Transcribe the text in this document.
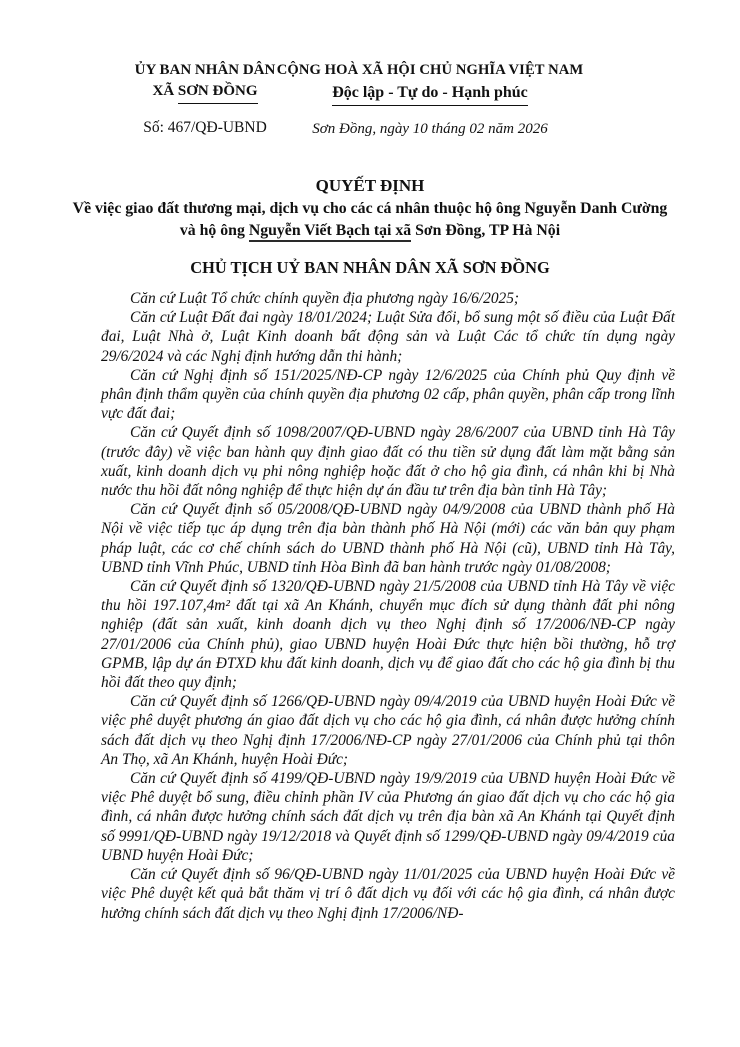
ỦY BAN NHÂN DÂN
XÃ SƠN ĐỒNG
Số: 467/QĐ-UBND
CỘNG HOÀ XÃ HỘI CHỦ NGHĨA VIỆT NAM
Độc lập - Tự do - Hạnh phúc
Sơn Đồng, ngày 10 tháng 02 năm 2026
QUYẾT ĐỊNH
Về việc giao đất thương mại, dịch vụ cho các cá nhân thuộc hộ ông Nguyễn Danh Cường và hộ ông Nguyễn Viết Bạch tại xã Sơn Đồng, TP Hà Nội
CHỦ TỊCH UỶ BAN NHÂN DÂN XÃ SƠN ĐỒNG

Căn cứ Luật Tổ chức chính quyền địa phương ngày 16/6/2025;

Căn cứ Luật Đất đai ngày 18/01/2024; Luật Sửa đổi, bổ sung một số điều của Luật Đất đai, Luật Nhà ở, Luật Kinh doanh bất động sản và Luật Các tổ chức tín dụng ngày 29/6/2024 và các Nghị định hướng dẫn thi hành;

Căn cứ Nghị định số 151/2025/NĐ-CP ngày 12/6/2025 của Chính phủ Quy định về phân định thẩm quyền của chính quyền địa phương 02 cấp, phân quyền, phân cấp trong lĩnh vực đất đai;

Căn cứ Quyết định số 1098/2007/QĐ-UBND ngày 28/6/2007 của UBND tỉnh Hà Tây (trước đây) về việc ban hành quy định giao đất có thu tiền sử dụng đất làm mặt bằng sản xuất, kinh doanh dịch vụ phi nông nghiệp hoặc đất ở cho hộ gia đình, cá nhân khi bị Nhà nước thu hồi đất nông nghiệp để thực hiện dự án đầu tư trên địa bàn tỉnh Hà Tây;

Căn cứ Quyết định số 05/2008/QĐ-UBND ngày 04/9/2008 của UBND thành phố Hà Nội về việc tiếp tục áp dụng trên địa bàn thành phố Hà Nội (mới) các văn bản quy phạm pháp luật, các cơ chế chính sách do UBND thành phố Hà Nội (cũ), UBND tỉnh Hà Tây, UBND tỉnh Vĩnh Phúc, UBND tỉnh Hòa Bình đã ban hành trước ngày 01/08/2008;

Căn cứ Quyết định số 1320/QĐ-UBND ngày 21/5/2008 của UBND tỉnh Hà Tây về việc thu hồi 197.107,4m² đất tại xã An Khánh, chuyển mục đích sử dụng thành đất phi nông nghiệp (đất sản xuất, kinh doanh dịch vụ theo Nghị định số 17/2006/NĐ-CP ngày 27/01/2006 của Chính phủ), giao UBND huyện Hoài Đức thực hiện bồi thường, hỗ trợ GPMB, lập dự án ĐTXD khu đất kinh doanh, dịch vụ để giao đất cho các hộ gia đình bị thu hồi đất theo quy định;

Căn cứ Quyết định số 1266/QĐ-UBND ngày 09/4/2019 của UBND huyện Hoài Đức về việc phê duyệt phương án giao đất dịch vụ cho các hộ gia đình, cá nhân được hưởng chính sách đất dịch vụ theo Nghị định 17/2006/NĐ-CP ngày 27/01/2006 của Chính phủ tại thôn An Thọ, xã An Khánh, huyện Hoài Đức;

Căn cứ Quyết định số 4199/QĐ-UBND ngày 19/9/2019 của UBND huyện Hoài Đức về việc Phê duyệt bổ sung, điều chỉnh phần IV của Phương án giao đất dịch vụ cho các hộ gia đình, cá nhân được hưởng chính sách đất dịch vụ trên địa bàn xã An Khánh tại Quyết định số 9991/QĐ-UBND ngày 19/12/2018 và Quyết định số 1299/QĐ-UBND ngày 09/4/2019 của UBND huyện Hoài Đức;

Căn cứ Quyết định số 96/QĐ-UBND ngày 11/01/2025 của UBND huyện Hoài Đức về việc Phê duyệt kết quả bắt thăm vị trí ô đất dịch vụ đối với các hộ gia đình, cá nhân được hưởng chính sách đất dịch vụ theo Nghị định 17/2006/NĐ-
